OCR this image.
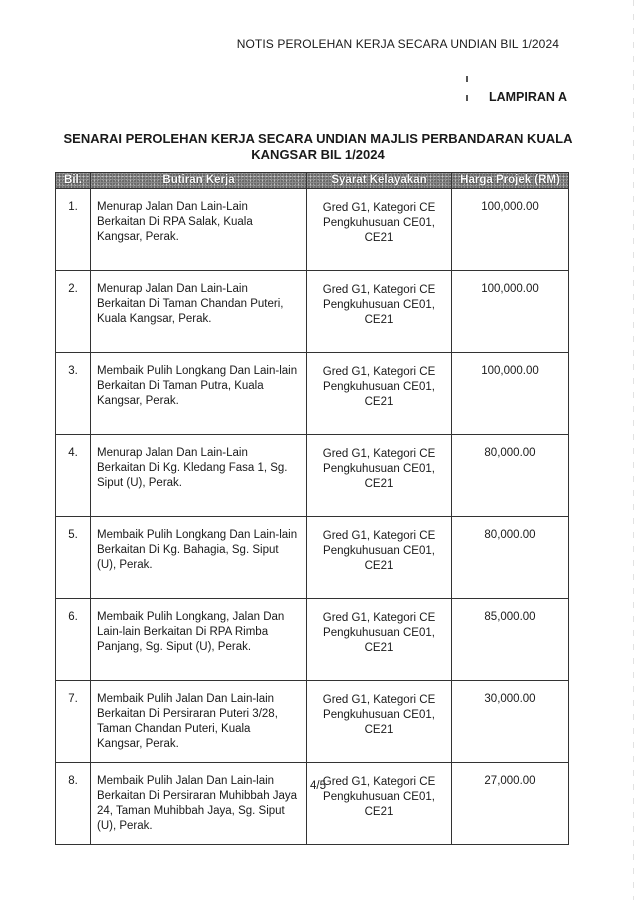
NOTIS PEROLEHAN KERJA SECARA UNDIAN BIL 1/2024
LAMPIRAN A
SENARAI PEROLEHAN KERJA SECARA UNDIAN MAJLIS PERBANDARAN KUALA KANGSAR BIL 1/2024
Bil.	Butiran Kerja	Syarat Kelayakan	Harga Projek (RM)
1.	Menurap Jalan Dan Lain-Lain Berkaitan Di RPA Salak, Kuala Kangsar, Perak.	Gred G1, Kategori CE Pengkuhusuan CE01, CE21	100,000.00
2.	Menurap Jalan Dan Lain-Lain Berkaitan Di Taman Chandan Puteri, Kuala Kangsar, Perak.	Gred G1, Kategori CE Pengkuhusuan CE01, CE21	100,000.00
3.	Membaik Pulih Longkang Dan Lain-lain Berkaitan Di Taman Putra, Kuala Kangsar, Perak.	Gred G1, Kategori CE Pengkuhusuan CE01, CE21	100,000.00
4.	Menurap Jalan Dan Lain-Lain Berkaitan Di Kg. Kledang Fasa 1, Sg. Siput (U), Perak.	Gred G1, Kategori CE Pengkuhusuan CE01, CE21	80,000.00
5.	Membaik Pulih Longkang Dan Lain-lain Berkaitan Di Kg. Bahagia, Sg. Siput (U), Perak.	Gred G1, Kategori CE Pengkuhusuan CE01, CE21	80,000.00
6.	Membaik Pulih Longkang, Jalan Dan Lain-lain Berkaitan Di RPA Rimba Panjang, Sg. Siput (U), Perak.	Gred G1, Kategori CE Pengkuhusuan CE01, CE21	85,000.00
7.	Membaik Pulih Jalan Dan Lain-lain Berkaitan Di Persiraran Puteri 3/28, Taman Chandan Puteri, Kuala Kangsar, Perak.	Gred G1, Kategori CE Pengkuhusuan CE01, CE21	30,000.00
8.	Membaik Pulih Jalan Dan Lain-lain Berkaitan Di Persiraran Muhibbah Jaya 24, Taman Muhibbah Jaya, Sg. Siput (U), Perak.	Gred G1, Kategori CE Pengkuhusuan CE01, CE21	27,000.00
4/5
